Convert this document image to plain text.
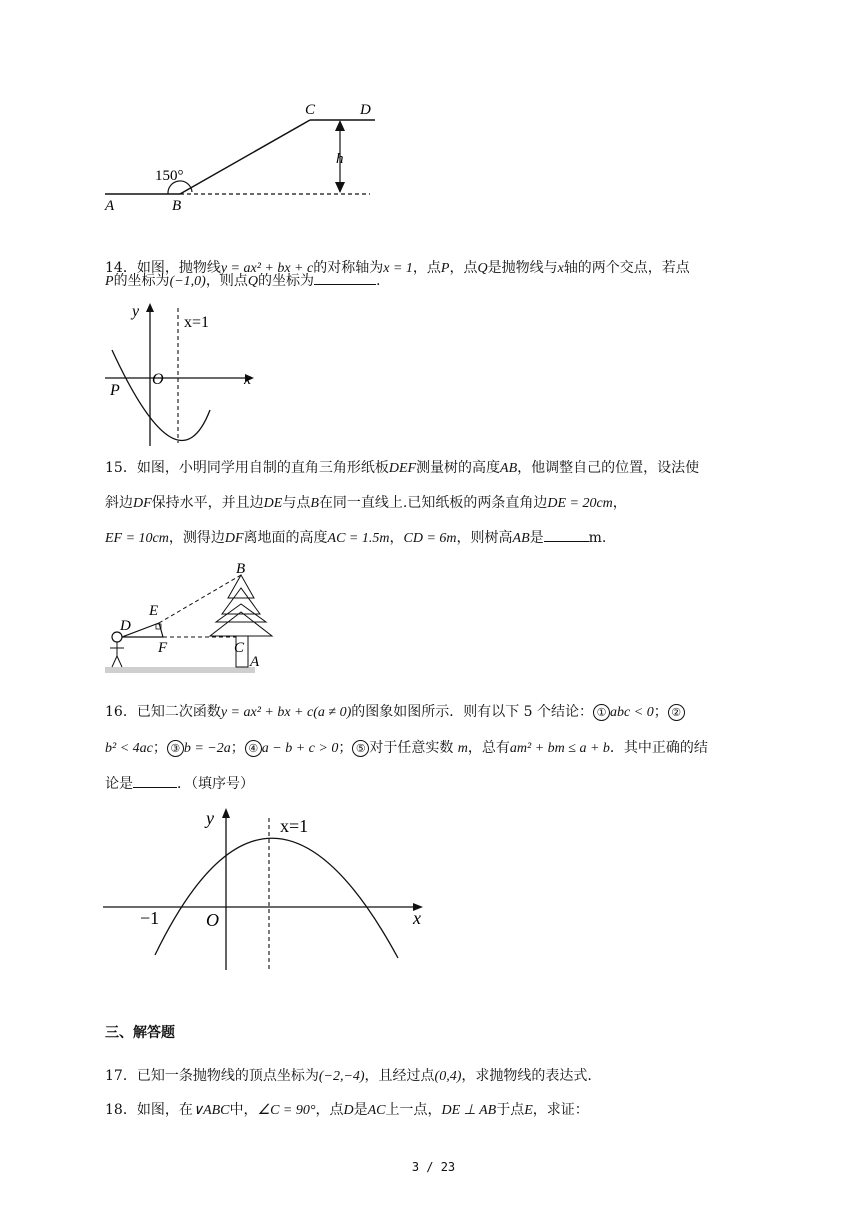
A	B
C	D
h
150°
14．如图，抛物线y = ax² + bx + c的对称轴为x = 1，点P，点Q是抛物线与x轴的两个交点，若点
P的坐标为(−1,0)，则点Q的坐标为	.
y
x
O
P
x=1
15．如图，小明同学用自制的直角三角形纸板DEF测量树的高度AB，他调整自己的位置，设法使
斜边DF保持水平，并且边DE与点B在同一直线上.已知纸板的两条直角边DE = 20cm，
EF = 10cm，测得边DF离地面的高度AC = 1.5m，CD = 6m，则树高AB是	m.
B
E
D
F	C
A
16．已知二次函数y = ax² + bx + c(a ≠ 0)的图象如图所示．则有以下 5 个结论： ① abc < 0； ②
b² < 4ac； ③ b = −2a； ④ a − b + c > 0； ⑤ 对于任意实数 m，总有am² + bm ≤ a + b．其中正确的结
论是	．（填序号）
y
x
O
−1
x=1
三、解答题
17．已知一条抛物线的顶点坐标为(−2,−4)，且经过点(0,4)，求抛物线的表达式.
18．如图，在∨ABC中，∠C = 90°，点D是AC上一点，DE ⊥ AB于点E，求证：
3 / 23
